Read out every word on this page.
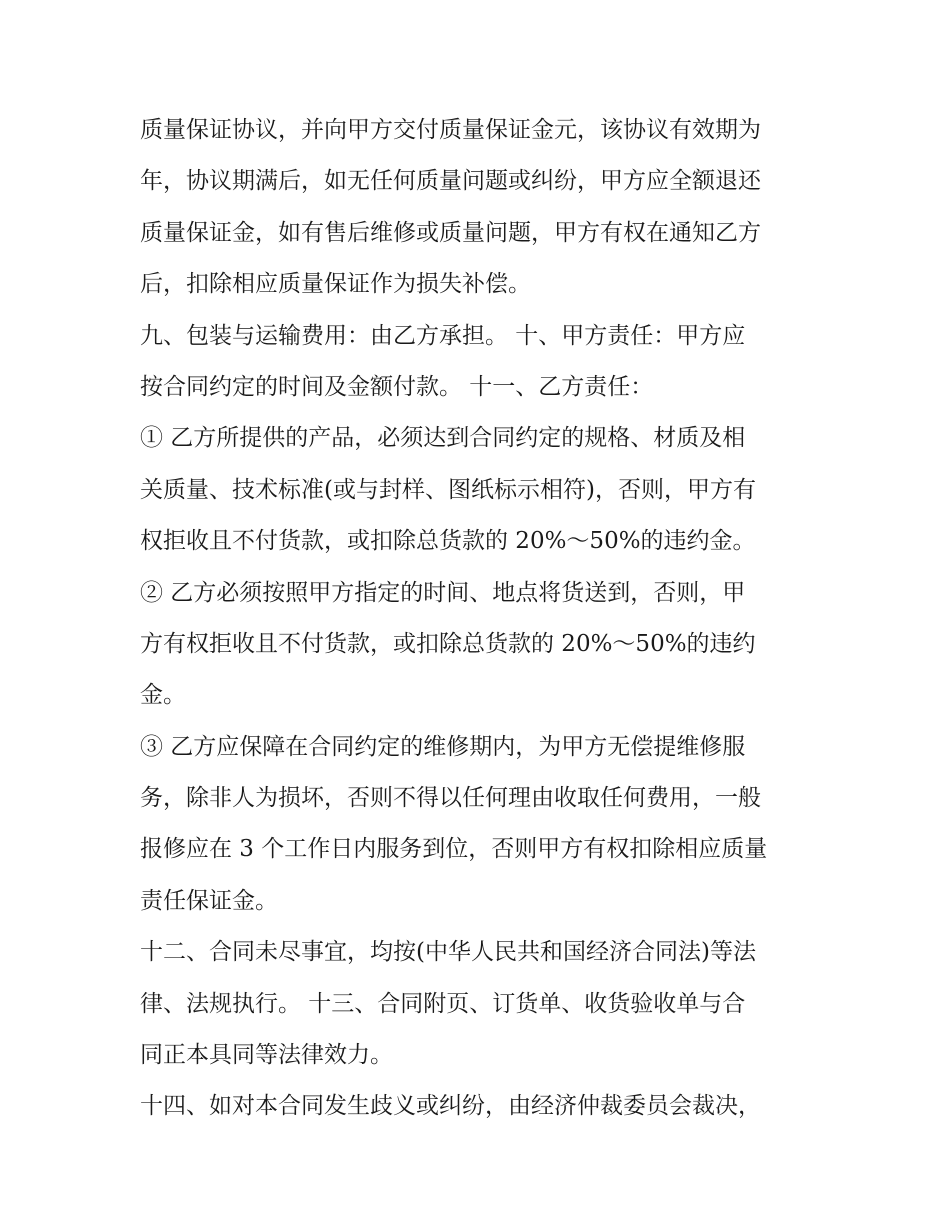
质量保证协议，并向甲方交付质量保证金元，该协议有效期为
年，协议期满后，如无任何质量问题或纠纷，甲方应全额退还
质量保证金，如有售后维修或质量问题，甲方有权在通知乙方
后，扣除相应质量保证作为损失补偿。
九、包装与运输费用：由乙方承担。 十、甲方责任：甲方应
按合同约定的时间及金额付款。 十一、乙方责任：
① 乙方所提供的产品，必须达到合同约定的规格、材质及相
关质量、技术标准(或与封样、图纸标示相符)，否则，甲方有
权拒收且不付货款，或扣除总货款的 20%～50%的违约金。
② 乙方必须按照甲方指定的时间、地点将货送到，否则，甲
方有权拒收且不付货款，或扣除总货款的 20%～50%的违约
金。
③ 乙方应保障在合同约定的维修期内，为甲方无偿提维修服
务，除非人为损坏，否则不得以任何理由收取任何费用，一般
报修应在 3 个工作日内服务到位，否则甲方有权扣除相应质量
责任保证金。
十二、合同未尽事宜，均按(中华人民共和国经济合同法)等法
律、法规执行。 十三、合同附页、订货单、收货验收单与合
同正本具同等法律效力。
十四、如对本合同发生歧义或纠纷，由经济仲裁委员会裁决，
